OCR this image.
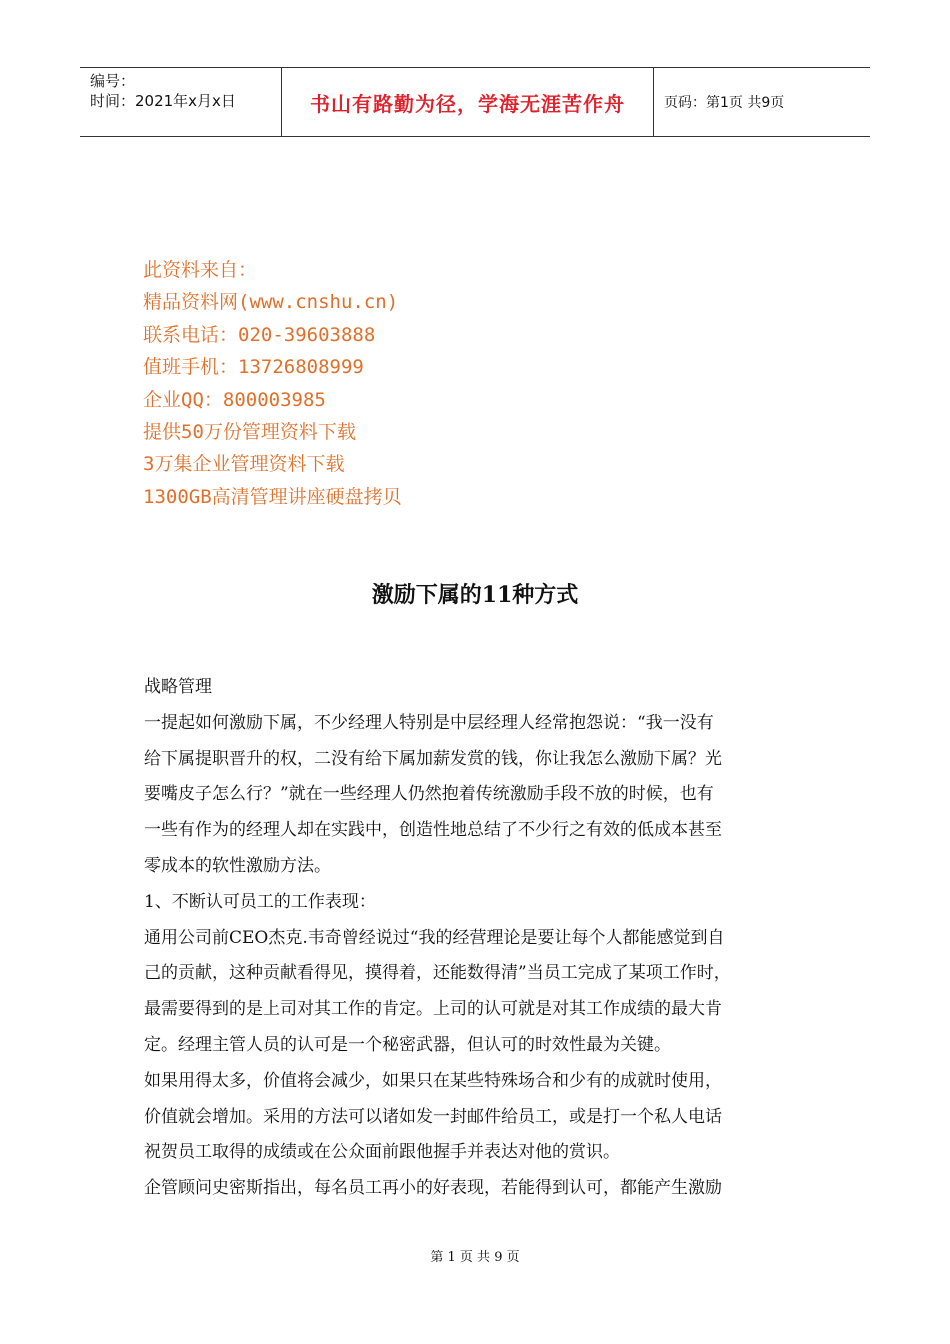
编号：
时间：2021年x月x日	书山有路勤为径，学海无涯苦作舟	页码：第1页 共9页
此资料来自：
精品资料网(www.cnshu.cn)
联系电话：020-39603888
值班手机：13726808999
企业QQ：800003985
提供50万份管理资料下载
3万集企业管理资料下载
1300GB高清管理讲座硬盘拷贝
激励下属的11种方式
战略管理
一提起如何激励下属，不少经理人特别是中层经理人经常抱怨说：“我一没有
给下属提职晋升的权，二没有给下属加薪发赏的钱，你让我怎么激励下属？光
要嘴皮子怎么行？”就在一些经理人仍然抱着传统激励手段不放的时候，也有
一些有作为的经理人却在实践中，创造性地总结了不少行之有效的低成本甚至
零成本的软性激励方法。
1、不断认可员工的工作表现：
通用公司前CEO杰克.韦奇曾经说过“我的经营理论是要让每个人都能感觉到自
己的贡献，这种贡献看得见，摸得着，还能数得清”当员工完成了某项工作时，
最需要得到的是上司对其工作的肯定。上司的认可就是对其工作成绩的最大肯
定。经理主管人员的认可是一个秘密武器，但认可的时效性最为关键。
如果用得太多，价值将会减少，如果只在某些特殊场合和少有的成就时使用，
价值就会增加。采用的方法可以诸如发一封邮件给员工，或是打一个私人电话
祝贺员工取得的成绩或在公众面前跟他握手并表达对他的赏识。
企管顾问史密斯指出，每名员工再小的好表现，若能得到认可，都能产生激励
第 1 页 共 9 页
